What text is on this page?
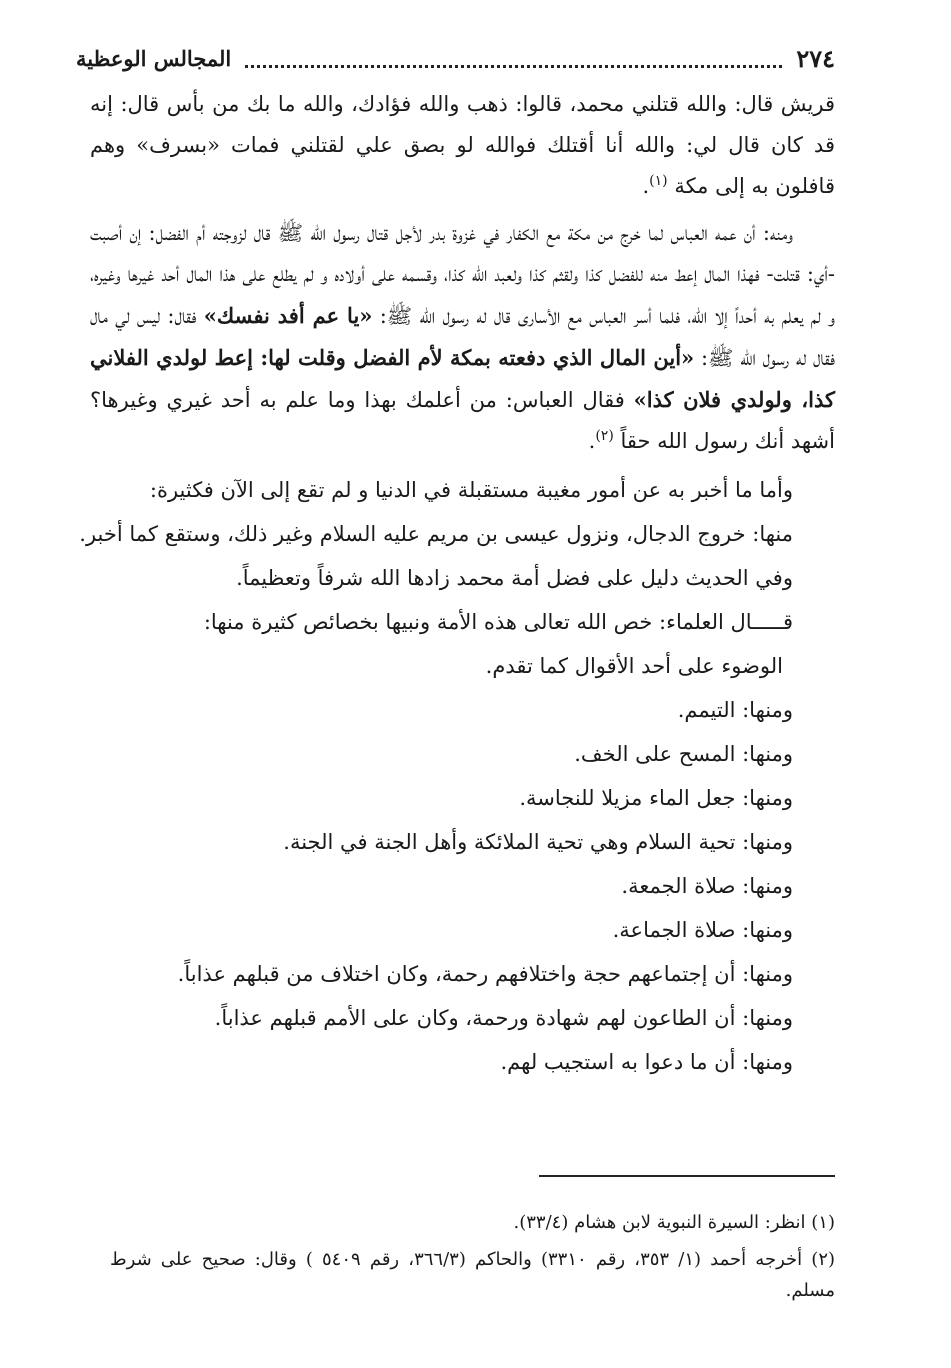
٢٧٤
المجالس الوعظية

قريش قال: والله قتلني محمد، قالوا: ذهب والله فؤادك، والله ما بك من بأس قال: إنه قد كان قال لي: والله أنا أقتلك فوالله لو بصق علي لقتلني فمات «بسرف» وهم قافلون به إلى مكة $^{(١)}$.

ومنه: أن عمه العباس لما خرج من مكة مع الكفار في غزوة بدر لأجل قتال رسول الله ﷺ قال لزوجته أم الفضل: إن أصبت -أي: قتلت- فهذا المال إعط منه للفضل كذا ولقثم كذا ولعبد الله كذا، وقسمه على أولاده و لم يطلع على هذا المال أحد غيرها وغيره، و لم يعلم به أحداً إلا الله، فلما أسر العباس مع الأسارى قال له رسول الله ﷺ: «يا عم أفد نفسك» فقال: ليس لي مال فقال له رسول الله ﷺ: «أين المال الذي دفعته بمكة لأم الفضل وقلت لها: إعط لولدي الفلاني كذا، ولولدي فلان كذا» فقال العباس: من أعلمك بهذا وما علم به أحد غيري وغيرها؟ أشهد أنك رسول الله حقاً $^{(٢)}$.

وأما ما أخبر به عن أمور مغيبة مستقبلة في الدنيا و لم تقع إلى الآن فكثيرة:
منها: خروج الدجال، ونزول عيسى بن مريم عليه السلام وغير ذلك، وستقع كما أخبر.
وفي الحديث دليل على فضل أمة محمد زادها الله شرفاً وتعظيماً.
قـــــال العلماء: خص الله تعالى هذه الأمة ونبيها بخصائص كثيرة منها:
الوضوء على أحد الأقوال كما تقدم.
ومنها: التيمم.
ومنها: المسح على الخف.
ومنها: جعل الماء مزيلا للنجاسة.
ومنها: تحية السلام وهي تحية الملائكة وأهل الجنة في الجنة.
ومنها: صلاة الجمعة.
ومنها: صلاة الجماعة.
ومنها: أن إجتماعهم حجة واختلافهم رحمة، وكان اختلاف من قبلهم عذاباً.
ومنها: أن الطاعون لهم شهادة ورحمة، وكان على الأمم قبلهم عذاباً.
ومنها: أن ما دعوا به استجيب لهم.

(١) انظر: السيرة النبوية لابن هشام (٣٣/٤).

(٢) أخرجه أحمد (١/ ٣٥٣، رقم ٣٣١٠) والحاكم (٣٦٦/٣، رقم ٥٤٠٩ ) وقال: صحيح على شرط مسلم.
